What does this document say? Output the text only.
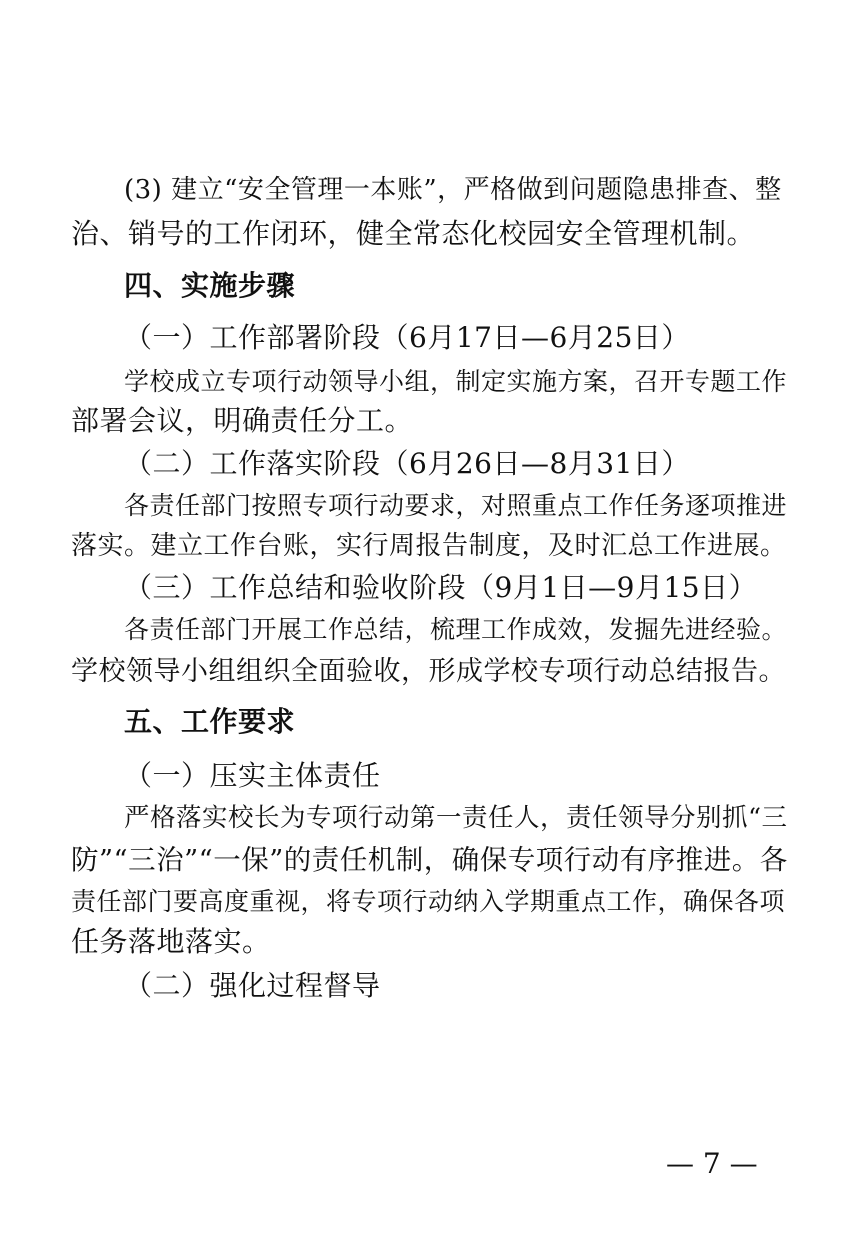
(3) 建立“安全管理一本账”，严格做到问题隐患排查、整
治、销号的工作闭环，健全常态化校园安全管理机制。
四、实施步骤
（一）工作部署阶段（6月17日—6月25日）
学校成立专项行动领导小组，制定实施方案，召开专题工作
部署会议，明确责任分工。
（二）工作落实阶段（6月26日—8月31日）
各责任部门按照专项行动要求，对照重点工作任务逐项推进
落实。建立工作台账，实行周报告制度，及时汇总工作进展。
（三）工作总结和验收阶段（9月1日—9月15日）
各责任部门开展工作总结，梳理工作成效，发掘先进经验。
学校领导小组组织全面验收，形成学校专项行动总结报告。
五、工作要求
（一）压实主体责任
严格落实校长为专项行动第一责任人，责任领导分别抓“三
防”“三治”“一保”的责任机制，确保专项行动有序推进。各
责任部门要高度重视，将专项行动纳入学期重点工作，确保各项
任务落地落实。
（二）强化过程督导
— 7 —
